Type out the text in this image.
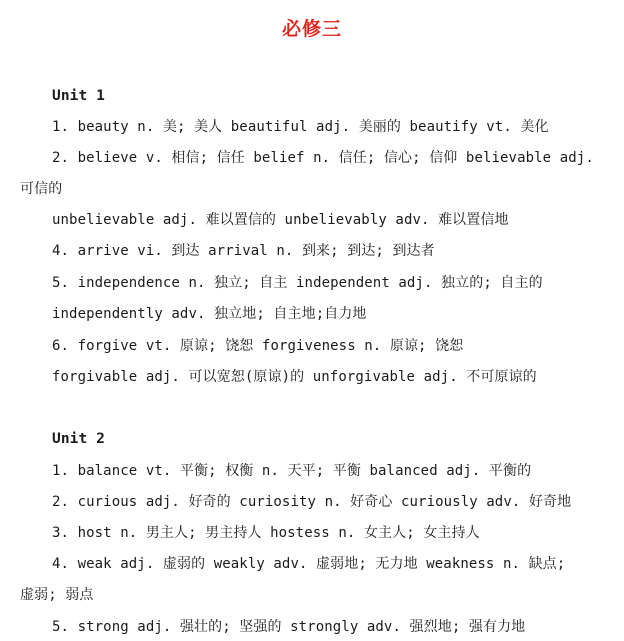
必修三
Unit 1
1. beauty n. 美; 美人 beautiful adj. 美丽的 beautify vt. 美化
2. believe v. 相信; 信任 belief n. 信任; 信心; 信仰 believable adj.
可信的
unbelievable adj. 难以置信的 unbelievably adv. 难以置信地
4. arrive vi. 到达 arrival n. 到来; 到达; 到达者
5. independence n. 独立; 自主 independent adj. 独立的; 自主的
independently adv. 独立地; 自主地;自力地
6. forgive vt. 原谅; 饶恕 forgiveness n. 原谅; 饶恕
forgivable adj. 可以宽恕(原谅)的 unforgivable adj. 不可原谅的
Unit 2
1. balance vt. 平衡; 权衡 n. 天平; 平衡 balanced adj. 平衡的
2. curious adj. 好奇的 curiosity n. 好奇心 curiously adv. 好奇地
3. host n. 男主人; 男主持人 hostess n. 女主人; 女主持人
4. weak adj. 虚弱的 weakly adv. 虚弱地; 无力地 weakness n. 缺点;
虚弱; 弱点
5. strong adj. 强壮的; 坚强的 strongly adv. 强烈地; 强有力地
